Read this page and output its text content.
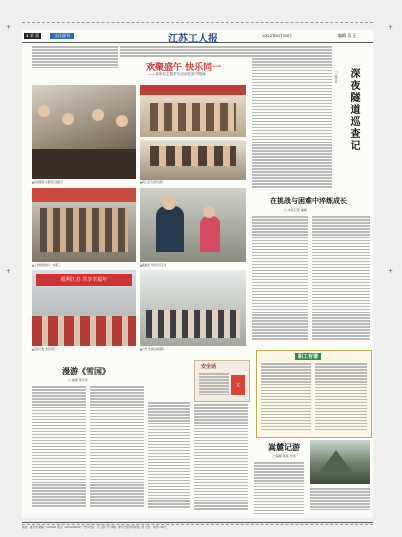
+	+
+	+
4 第 版	文化副刊	江苏工人报	2022年8月18日	编辑 吴 正
欢聚盛午 快乐同一
——各单位主题采写活动在福节期间
▲活动现场 小朋友们包粽子	▲职工亲子活动合影
▲工会组织慰问 一线职工	▲演讲者 与孩子们互动
福利江苏 共享幸福年
▲活动合影 欢乐同庆	▲户外 文体活动现场
深夜隧道巡查记
□ 陈兴平
在挑战与困难中淬炼成长
□ 本报记者 编辑
职工有谱
漫游《雪国》
□ 编辑 某作者
安全话
文
嵩麓记游
□ 编辑 某某 作者
地址：南京市 邮编：210000 电话：025-000000 广告许可证：苏工商广字 印刷：新华日报印务有限公司 定价：每份1.00元
